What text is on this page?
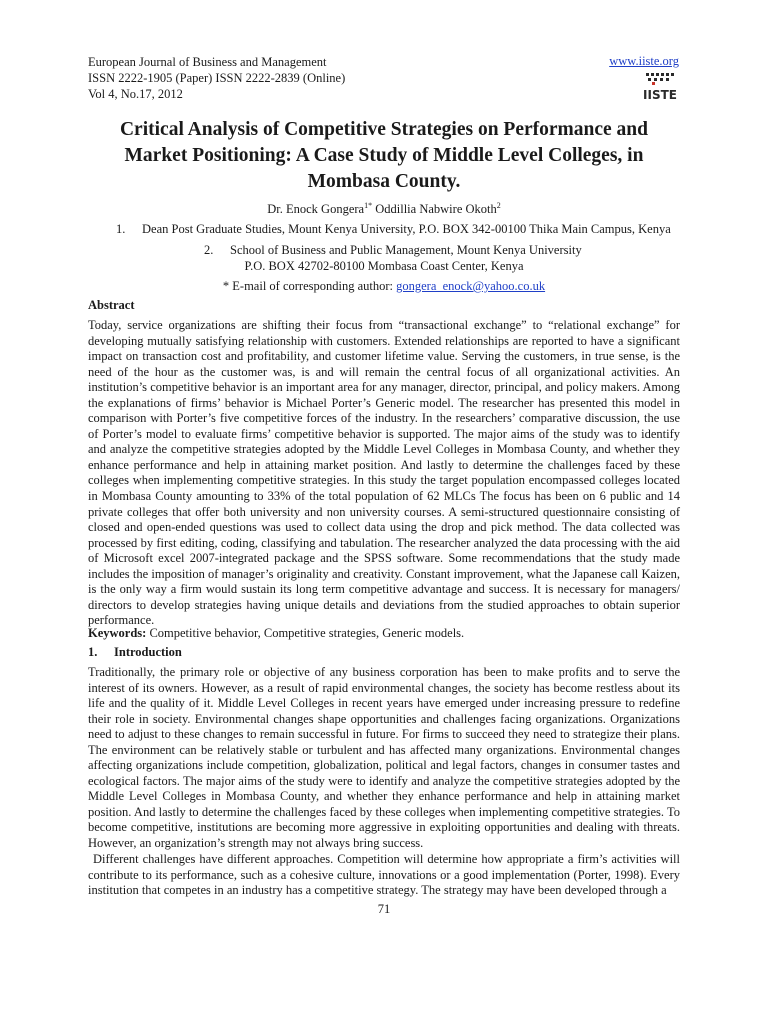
European Journal of Business and Management
ISSN 2222-1905 (Paper) ISSN 2222-2839 (Online)
Vol 4, No.17, 2012
www.iiste.org
IISTE
Critical Analysis of Competitive Strategies on Performance and Market Positioning: A Case Study of Middle Level Colleges, in Mombasa County.
Dr. Enock Gongera$^{1*}$ Oddillia Nabwire Okoth$^2$
1. Dean Post Graduate Studies, Mount Kenya University, P.O. BOX 342-00100 Thika Main Campus, Kenya
2. School of Business and Public Management, Mount Kenya University
P.O. BOX 42702-80100 Mombasa Coast Center, Kenya
* E-mail of corresponding author: gongera_enock@yahoo.co.uk
Abstract
Today, service organizations are shifting their focus from “transactional exchange” to “relational exchange” for developing mutually satisfying relationship with customers. Extended relationships are reported to have a significant impact on transaction cost and profitability, and customer lifetime value. Serving the customers, in true sense, is the need of the hour as the customer was, is and will remain the central focus of all organizational activities. An institution’s competitive behavior is an important area for any manager, director, principal, and policy makers. Among the explanations of firms’ behavior is Michael Porter’s Generic model. The researcher has presented this model in comparison with Porter’s five competitive forces of the industry. In the researchers’ comparative discussion, the use of Porter’s model to evaluate firms’ competitive behavior is supported. The major aims of the study was to identify and analyze the competitive strategies adopted by the Middle Level Colleges in Mombasa County, and whether they enhance performance and help in attaining market position. And lastly to determine the challenges faced by these colleges when implementing competitive strategies. In this study the target population encompassed colleges located in Mombasa County amounting to 33% of the total population of 62 MLCs The focus has been on 6 public and 14 private colleges that offer both university and non university courses. A semi-structured questionnaire consisting of closed and open-ended questions was used to collect data using the drop and pick method. The data collected was processed by first editing, coding, classifying and tabulation. The researcher analyzed the data processing with the aid of Microsoft excel 2007-integrated package and the SPSS software. Some recommendations that the study made includes the imposition of manager’s originality and creativity. Constant improvement, what the Japanese call Kaizen, is the only way a firm would sustain its long term competitive advantage and success. It is necessary for managers/ directors to develop strategies having unique details and deviations from the studied approaches to obtain superior performance.
Keywords: Competitive behavior, Competitive strategies, Generic models.
1. Introduction
Traditionally, the primary role or objective of any business corporation has been to make profits and to serve the interest of its owners. However, as a result of rapid environmental changes, the society has become restless about its life and the quality of it. Middle Level Colleges in recent years have emerged under increasing pressure to redefine their role in society. Environmental changes shape opportunities and challenges facing organizations. Organizations need to adjust to these changes to remain successful in future. For firms to succeed they need to strategize their plans. The environment can be relatively stable or turbulent and has affected many organizations. Environmental changes affecting organizations include competition, globalization, political and legal factors, changes in consumer tastes and ecological factors. The major aims of the study were to identify and analyze the competitive strategies adopted by the Middle Level Colleges in Mombasa County, and whether they enhance performance and help in attaining market position. And lastly to determine the challenges faced by these colleges when implementing competitive strategies. To become competitive, institutions are becoming more aggressive in exploiting opportunities and dealing with threats. However, an organization’s strength may not always bring success.
Different challenges have different approaches. Competition will determine how appropriate a firm’s activities will contribute to its performance, such as a cohesive culture, innovations or a good implementation (Porter, 1998). Every institution that competes in an industry has a competitive strategy. The strategy may have been developed through a
71
